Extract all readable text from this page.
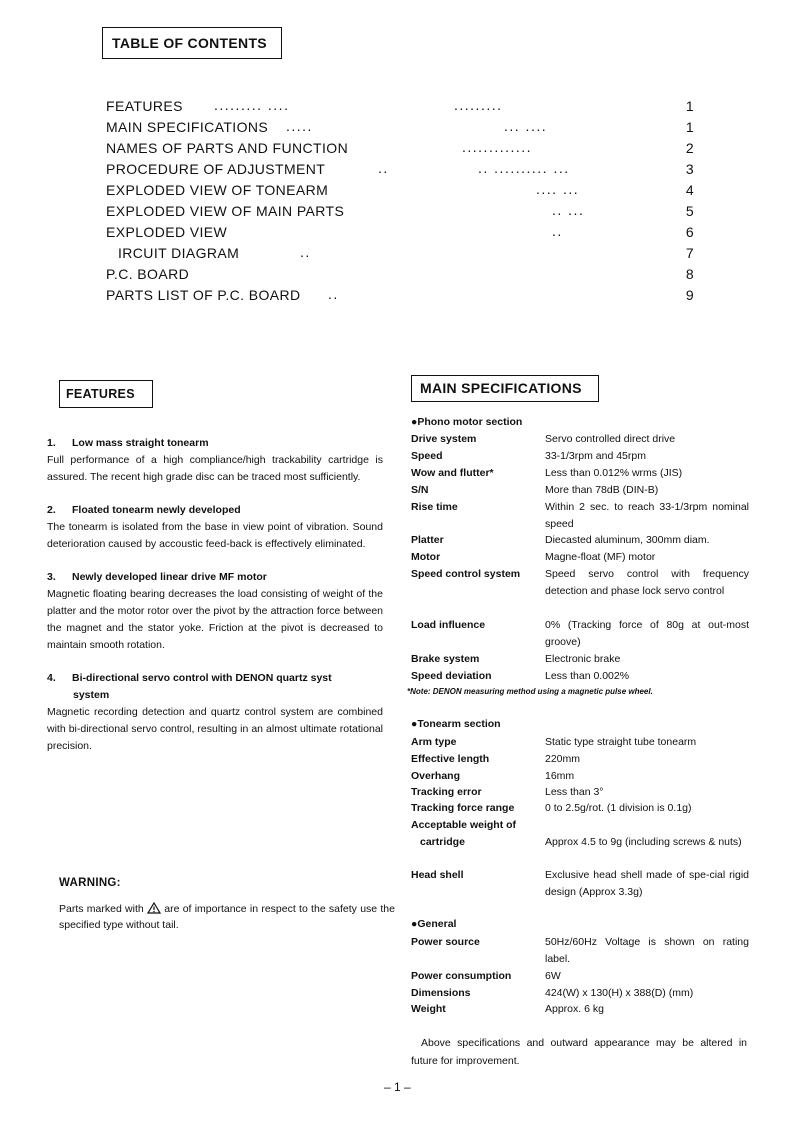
TABLE OF CONTENTS
FEATURES ......... ....	.........	1
MAIN SPECIFICATIONS .....	... ....	1
NAMES OF PARTS AND FUNCTION	.............	2
PROCEDURE OF ADJUSTMENT	..	.. .......... ...	3
EXPLODED VIEW OF TONEARM	.... ...	4
EXPLODED VIEW OF MAIN PARTS	.. ...	5
EXPLODED VIEW	..	6
IRCUIT DIAGRAM	..	7
P.C. BOARD	8
PARTS LIST OF P.C. BOARD ..	9
FEATURES
1. Low mass straight tonearm
Full performance of a high compliance/high trackability cartridge is assured. The recent high grade disc can be traced most sufficiently.
2. Floated tonearm newly developed
The tonearm is isolated from the base in view point of vibration. Sound deterioration caused by accoustic feed-back is effectively eliminated.
3. Newly developed linear drive MF motor
Magnetic floating bearing decreases the load consisting of weight of the platter and the motor rotor over the pivot by the attraction force between the magnet and the stator yoke. Friction at the pivot is decreased to maintain smooth rotation.
4. Bi-directional servo control with DENON quartz syst
system
Magnetic recording detection and quartz control system are combined with bi-directional servo control, resulting in an almost ultimate rotational precision.
WARNING:
Parts marked with are of importance in respect to the safety use the specified type without tail.
MAIN SPECIFICATIONS
●Phono motor section
Drive system	Servo controlled direct drive
Speed	33-1/3rpm and 45rpm
Wow and flutter*	Less than 0.012% wrms (JIS)
S/N	More than 78dB (DIN-B)
Rise time	Within 2 sec. to reach 33-1/3rpm nominal speed
Platter	Diecasted aluminum, 300mm diam.
Motor	Magne-float (MF) motor
Speed control system	Speed servo control with frequency detection and phase lock servo control
Load influence	0% (Tracking force of 80g at out-most groove)
Brake system	Electronic brake
Speed deviation	Less than 0.002%
*Note: DENON measuring method using a magnetic pulse wheel.
●Tonearm section
Arm type	Static type straight tube tonearm
Effective length	220mm
Overhang	16mm
Tracking error	Less than 3°
Tracking force range	0 to 2.5g/rot. (1 division is 0.1g)
Acceptable weight of
cartridge	Approx 4.5 to 9g (including screws & nuts)
Head shell	Exclusive head shell made of spe-cial rigid design (Approx 3.3g)
●General
Power source	50Hz/60Hz Voltage is shown on rating label.
Power consumption	6W
Dimensions	424(W) x 130(H) x 388(D) (mm)
Weight	Approx. 6 kg
Above specifications and outward appearance may be altered in future for improvement.
– 1 –
